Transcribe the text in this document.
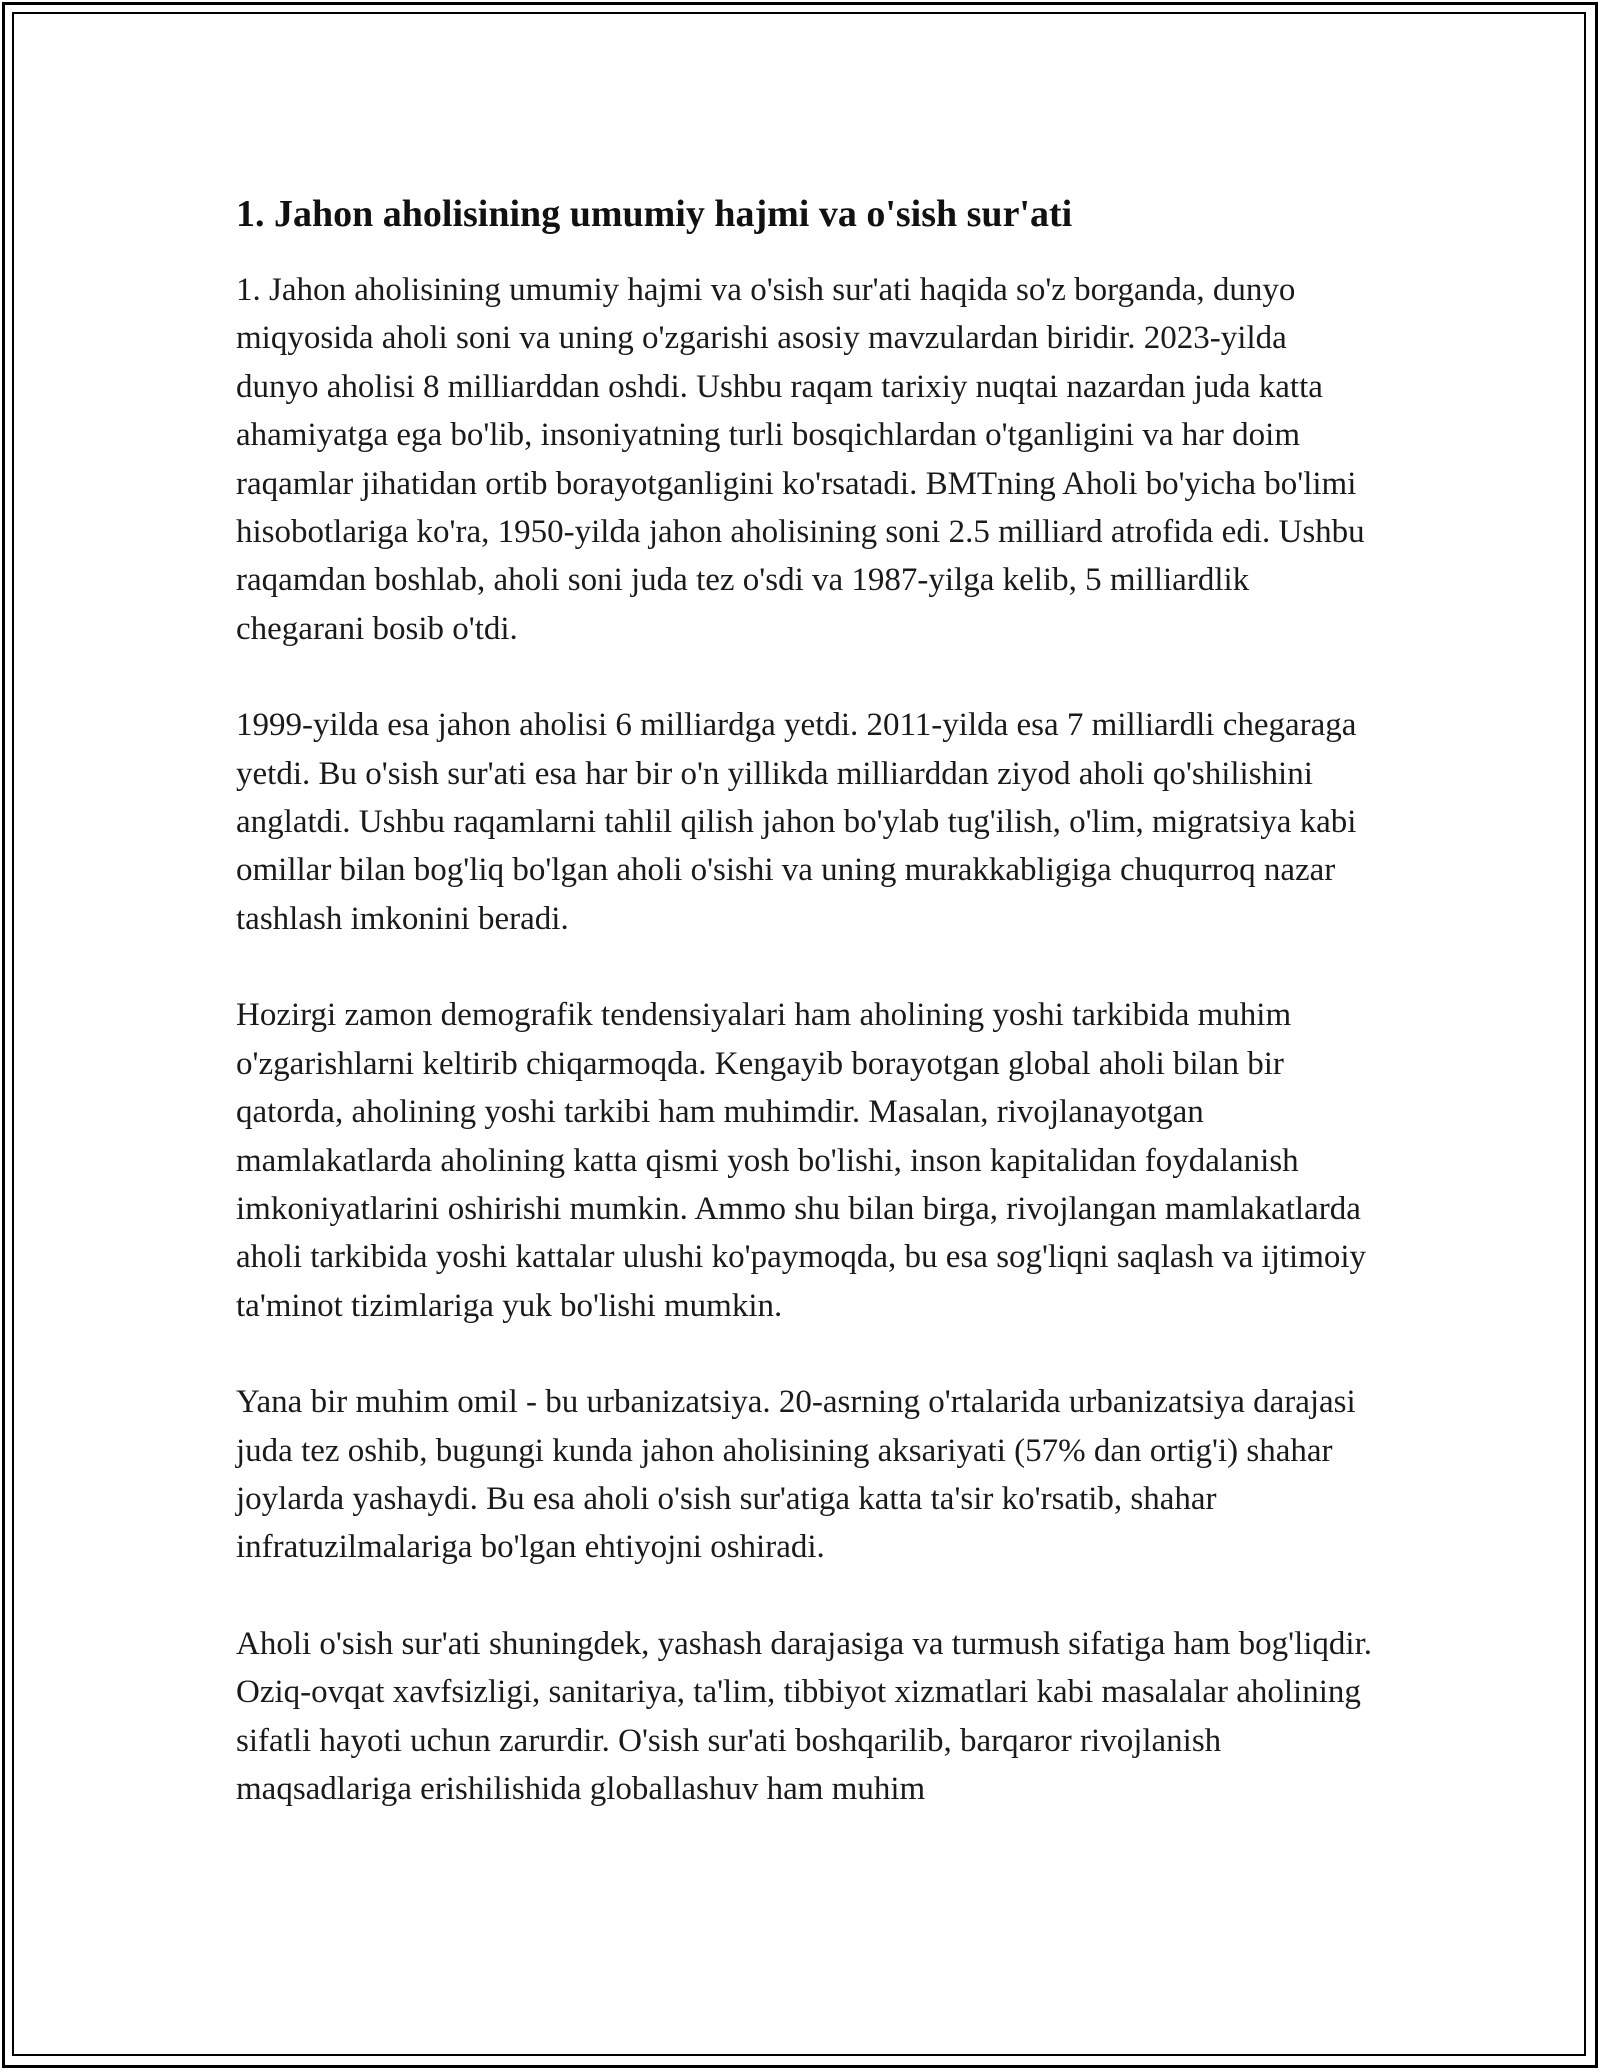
1. Jahon aholisining umumiy hajmi va o'sish sur'ati

1. Jahon aholisining umumiy hajmi va o'sish sur'ati haqida so'z borganda, dunyo miqyosida aholi soni va uning o'zgarishi asosiy mavzulardan biridir. 2023-yilda dunyo aholisi 8 milliarddan oshdi. Ushbu raqam tarixiy nuqtai nazardan juda katta ahamiyatga ega bo'lib, insoniyatning turli bosqichlardan o'tganligini va har doim raqamlar jihatidan ortib borayotganligini ko'rsatadi. BMTning Aholi bo'yicha bo'limi hisobotlariga ko'ra, 1950-yilda jahon aholisining soni 2.5 milliard atrofida edi. Ushbu raqamdan boshlab, aholi soni juda tez o'sdi va 1987-yilga kelib, 5 milliardlik chegarani bosib o'tdi.

1999-yilda esa jahon aholisi 6 milliardga yetdi. 2011-yilda esa 7 milliardli chegaraga yetdi. Bu o'sish sur'ati esa har bir o'n yillikda milliarddan ziyod aholi qo'shilishini anglatdi. Ushbu raqamlarni tahlil qilish jahon bo'ylab tug'ilish, o'lim, migratsiya kabi omillar bilan bog'liq bo'lgan aholi o'sishi va uning murakkabligiga chuqurroq nazar tashlash imkonini beradi.

Hozirgi zamon demografik tendensiyalari ham aholining yoshi tarkibida muhim o'zgarishlarni keltirib chiqarmoqda. Kengayib borayotgan global aholi bilan bir qatorda, aholining yoshi tarkibi ham muhimdir. Masalan, rivojlanayotgan mamlakatlarda aholining katta qismi yosh bo'lishi, inson kapitalidan foydalanish imkoniyatlarini oshirishi mumkin. Ammo shu bilan birga, rivojlangan mamlakatlarda aholi tarkibida yoshi kattalar ulushi ko'paymoqda, bu esa sog'liqni saqlash va ijtimoiy ta'minot tizimlariga yuk bo'lishi mumkin.

Yana bir muhim omil - bu urbanizatsiya. 20-asrning o'rtalarida urbanizatsiya darajasi juda tez oshib, bugungi kunda jahon aholisining aksariyati (57% dan ortig'i) shahar joylarda yashaydi. Bu esa aholi o'sish sur'atiga katta ta'sir ko'rsatib, shahar infratuzilmalariga bo'lgan ehtiyojni oshiradi.

Aholi o'sish sur'ati shuningdek, yashash darajasiga va turmush sifatiga ham bog'liqdir. Oziq-ovqat xavfsizligi, sanitariya, ta'lim, tibbiyot xizmatlari kabi masalalar aholining sifatli hayoti uchun zarurdir. O'sish sur'ati boshqarilib, barqaror rivojlanish maqsadlariga erishilishida globallashuv ham muhim
